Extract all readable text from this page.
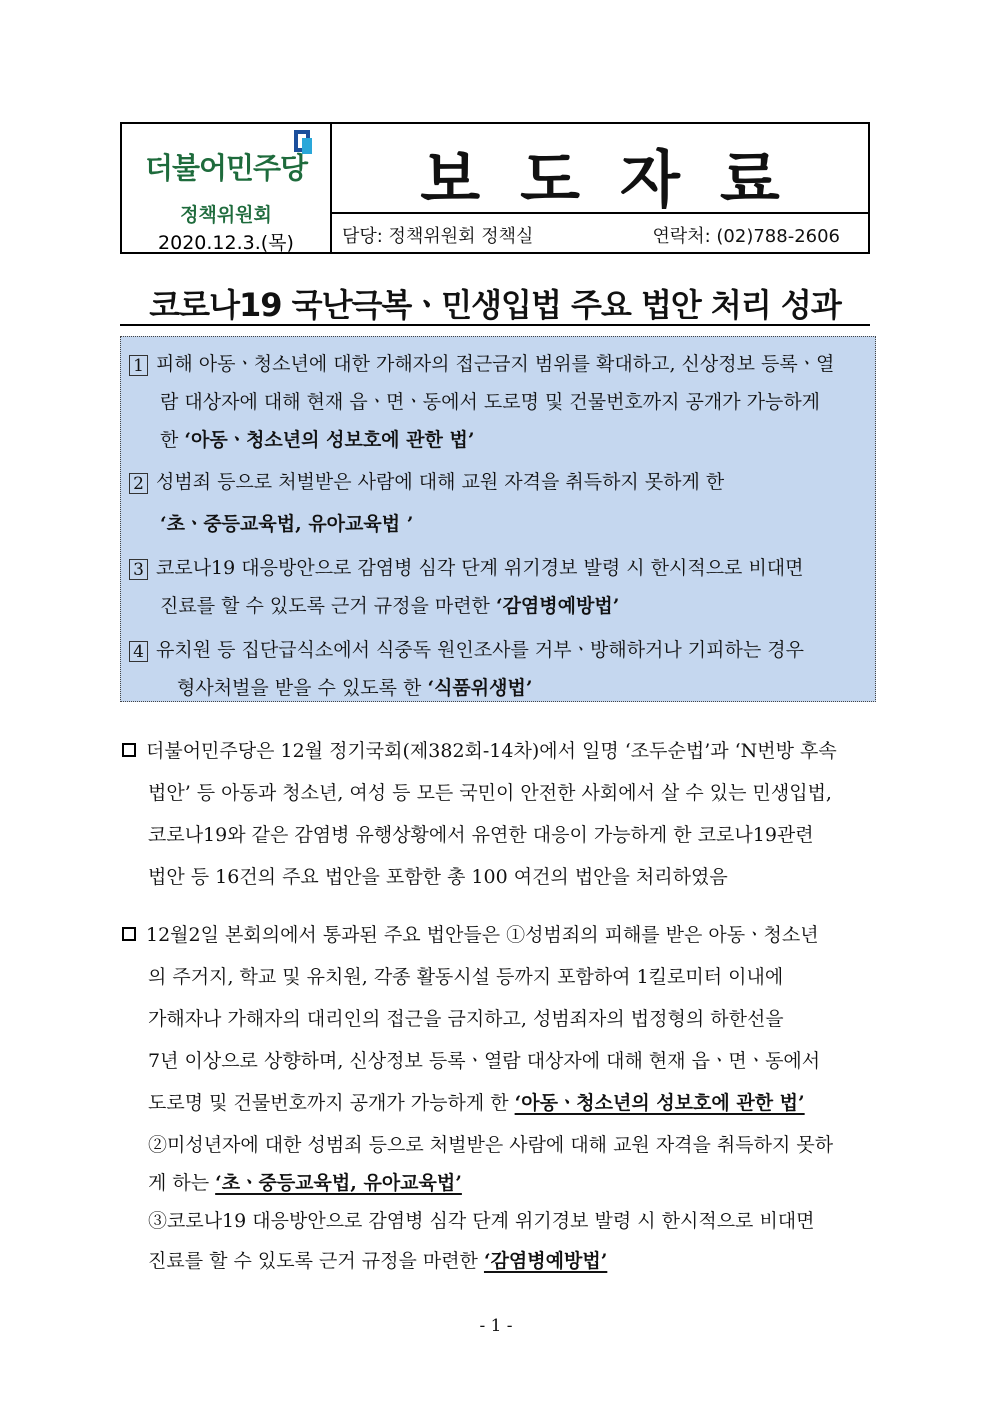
더불어민주당
정책위원회
2020.12.3.(목)
보도자료
담당: 정책위원회 정책실	연락처: (02)788-2606
코로나19 국난극복ㆍ민생입법 주요 법안 처리 성과
1 피해 아동ㆍ청소년에 대한 가해자의 접근금지 범위를 확대하고, 신상정보 등록ㆍ열
람 대상자에 대해 현재 읍ㆍ면ㆍ동에서 도로명 및 건물번호까지 공개가 가능하게
한 ‘아동ㆍ청소년의 성보호에 관한 법’
2 성범죄 등으로 처벌받은 사람에 대해 교원 자격을 취득하지 못하게 한
‘초ㆍ중등교육법, 유아교육법 ’
3 코로나19 대응방안으로 감염병 심각 단계 위기경보 발령 시 한시적으로 비대면
진료를 할 수 있도록 근거 규정을 마련한 ‘감염병예방법’
4 유치원 등 집단급식소에서 식중독 원인조사를 거부ㆍ방해하거나 기피하는 경우
형사처벌을 받을 수 있도록 한 ‘식품위생법’
더불어민주당은 12월 정기국회(제382회-14차)에서 일명 ‘조두순법’과 ‘N번방 후속
법안’ 등 아동과 청소년, 여성 등 모든 국민이 안전한 사회에서 살 수 있는 민생입법,
코로나19와 같은 감염병 유행상황에서 유연한 대응이 가능하게 한 코로나19관련
법안 등 16건의 주요 법안을 포함한 총 100 여건의 법안을 처리하였음
12월2일 본회의에서 통과된 주요 법안들은 ①성범죄의 피해를 받은 아동ㆍ청소년
의 주거지, 학교 및 유치원, 각종 활동시설 등까지 포함하여 1킬로미터 이내에
가해자나 가해자의 대리인의 접근을 금지하고, 성범죄자의 법정형의 하한선을
7년 이상으로 상향하며, 신상정보 등록ㆍ열람 대상자에 대해 현재 읍ㆍ면ㆍ동에서
도로명 및 건물번호까지 공개가 가능하게 한 ‘아동ㆍ청소년의 성보호에 관한 법’
②미성년자에 대한 성범죄 등으로 처벌받은 사람에 대해 교원 자격을 취득하지 못하
게 하는 ‘초ㆍ중등교육법, 유아교육법’
③코로나19 대응방안으로 감염병 심각 단계 위기경보 발령 시 한시적으로 비대면
진료를 할 수 있도록 근거 규정을 마련한 ‘감염병예방법’
- 1 -
